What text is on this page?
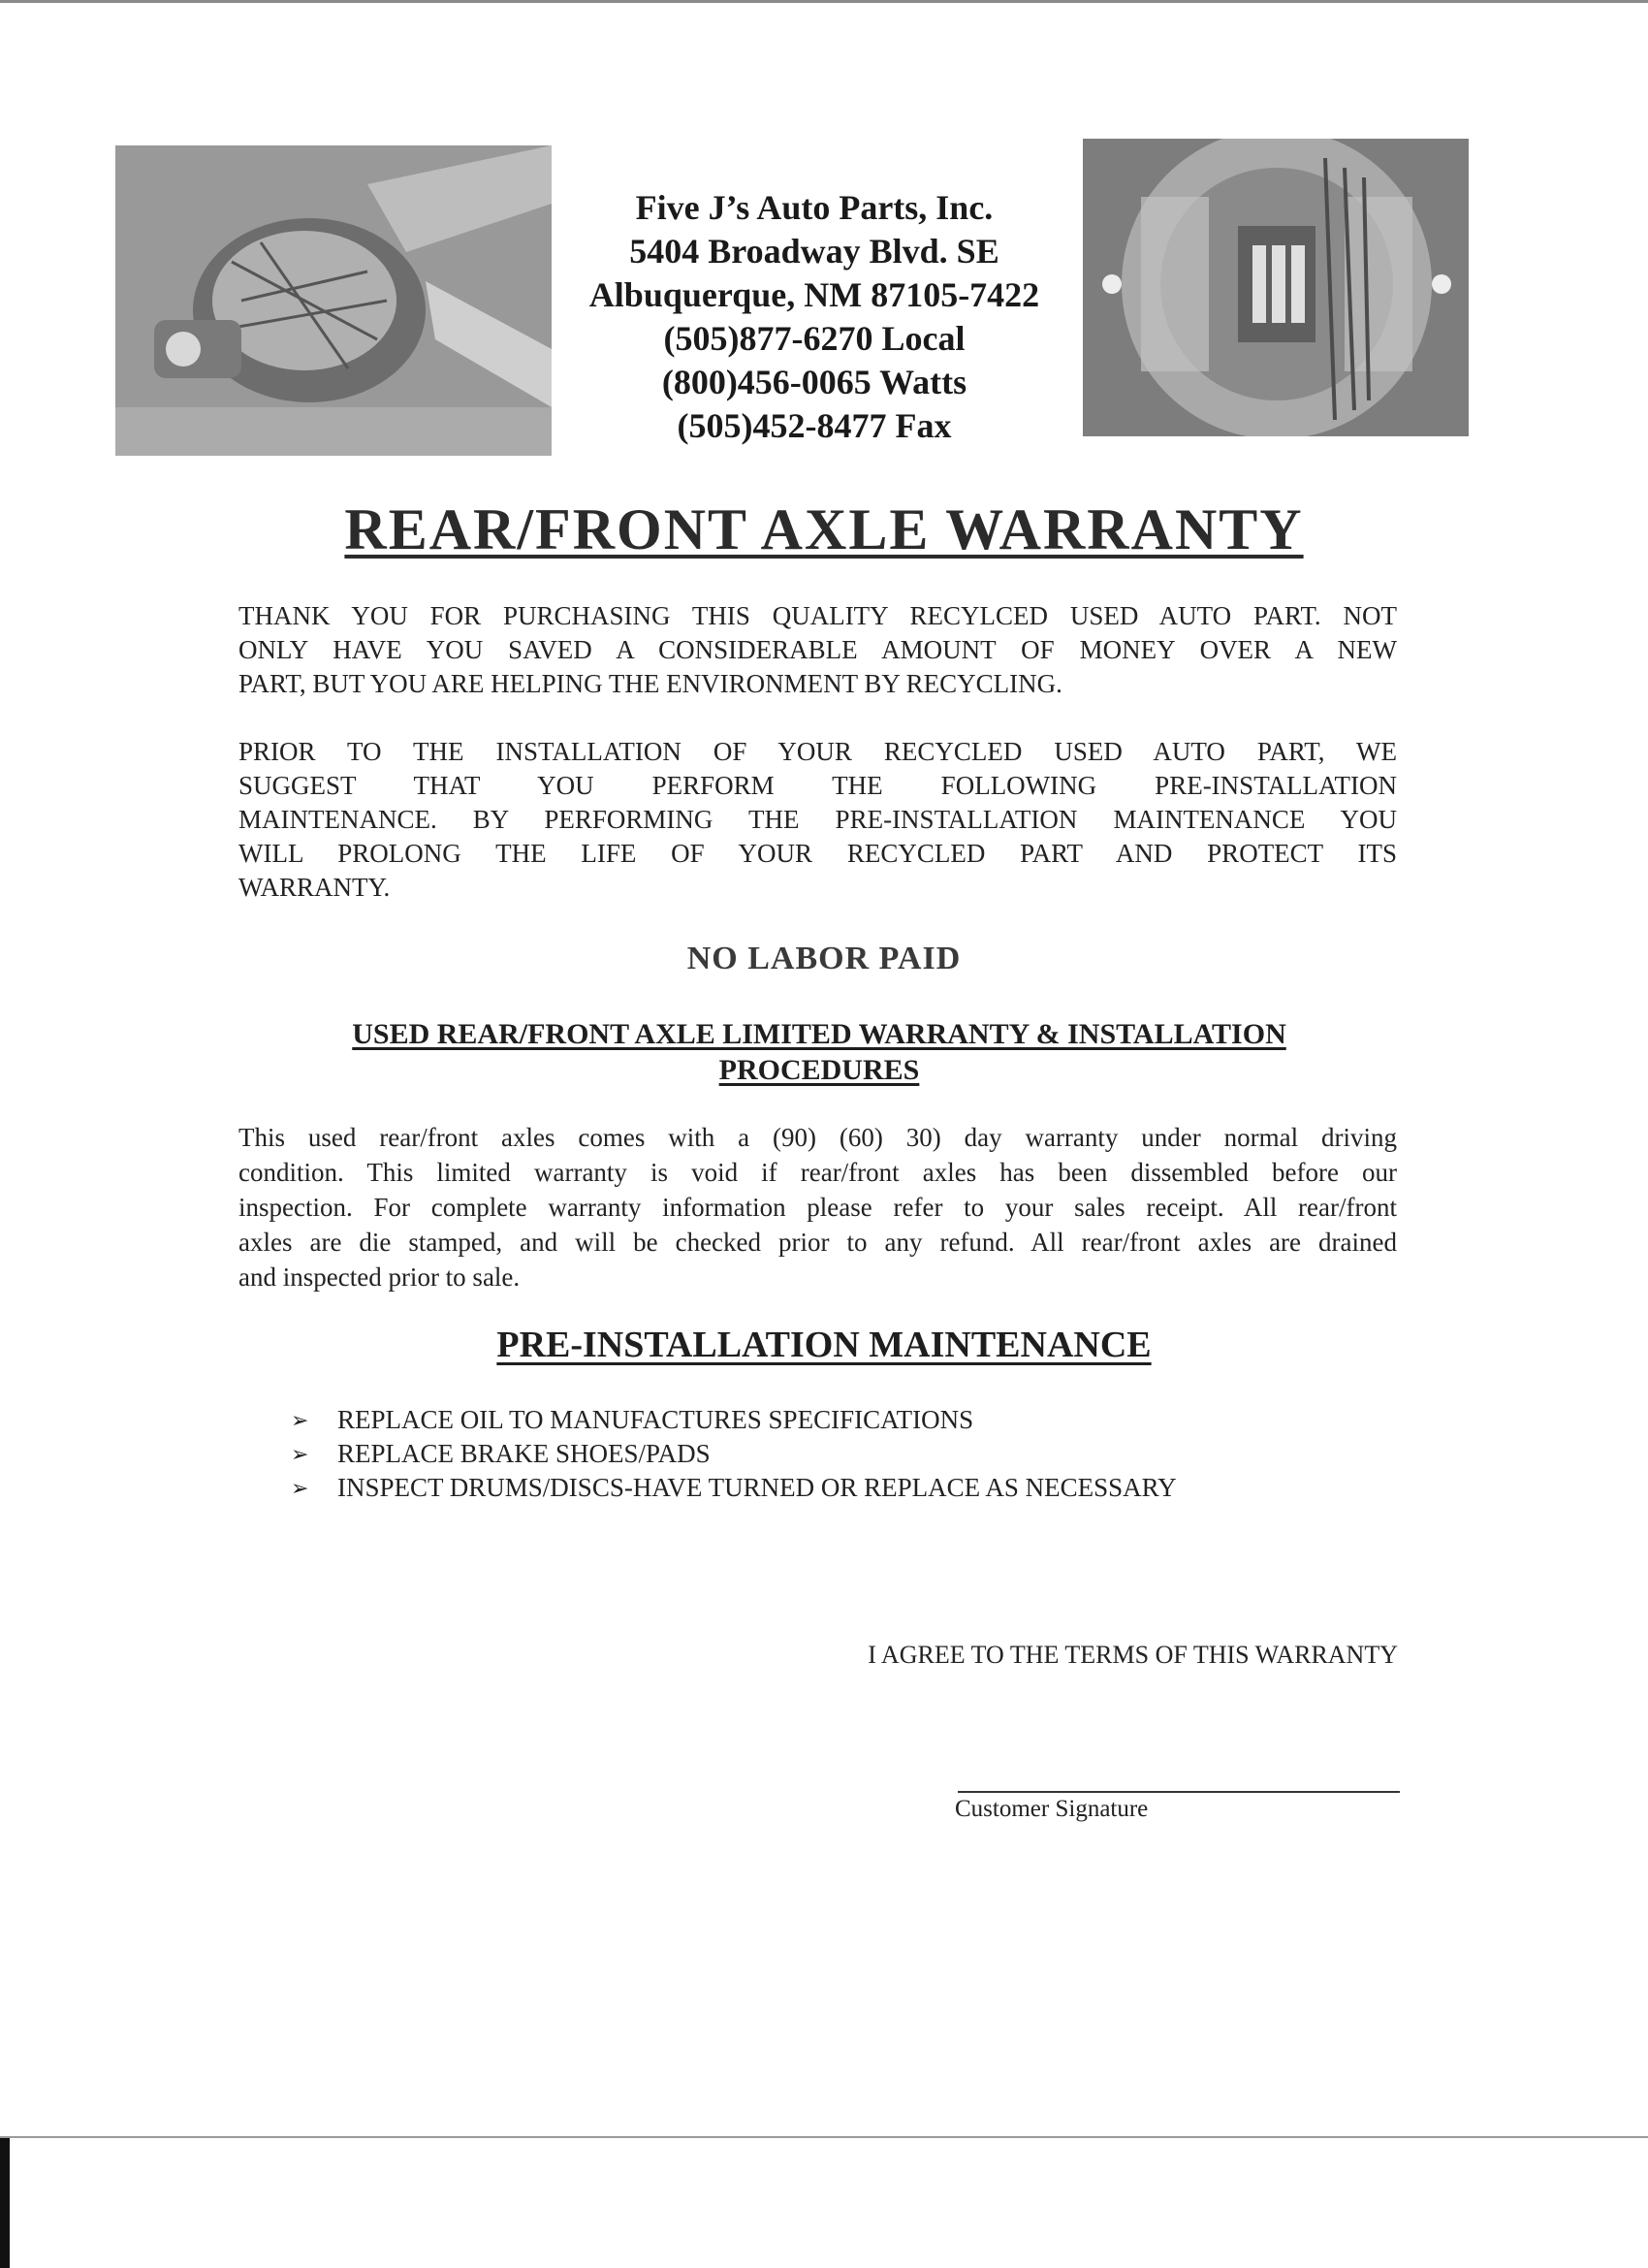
Five J’s Auto Parts, Inc.
5404 Broadway Blvd. SE
Albuquerque, NM 87105-7422
(505)877-6270 Local
(800)456-0065 Watts
(505)452-8477 Fax
REAR/FRONT AXLE WARRANTY
THANK YOU FOR PURCHASING THIS QUALITY RECYLCED USED AUTO PART. NOT
ONLY HAVE YOU SAVED A CONSIDERABLE AMOUNT OF MONEY OVER A NEW
PART, BUT YOU ARE HELPING THE ENVIRONMENT BY RECYCLING.
PRIOR TO THE INSTALLATION OF YOUR RECYCLED USED AUTO PART, WE
SUGGEST THAT YOU PERFORM THE FOLLOWING PRE-INSTALLATION
MAINTENANCE. BY PERFORMING THE PRE-INSTALLATION MAINTENANCE YOU
WILL PROLONG THE LIFE OF YOUR RECYCLED PART AND PROTECT ITS
WARRANTY.
NO LABOR PAID
USED REAR/FRONT AXLE LIMITED WARRANTY & INSTALLATION
PROCEDURES
This used rear/front axles comes with a (90) (60) 30) day warranty under normal driving
condition. This limited warranty is void if rear/front axles has been dissembled before our
inspection. For complete warranty information please refer to your sales receipt. All rear/front
axles are die stamped, and will be checked prior to any refund. All rear/front axles are drained
and inspected prior to sale.
PRE-INSTALLATION MAINTENANCE
➢	REPLACE OIL TO MANUFACTURES SPECIFICATIONS
➢	REPLACE BRAKE SHOES/PADS
➢	INSPECT DRUMS/DISCS-HAVE TURNED OR REPLACE AS NECESSARY
I AGREE TO THE TERMS OF THIS WARRANTY
Customer Signature
